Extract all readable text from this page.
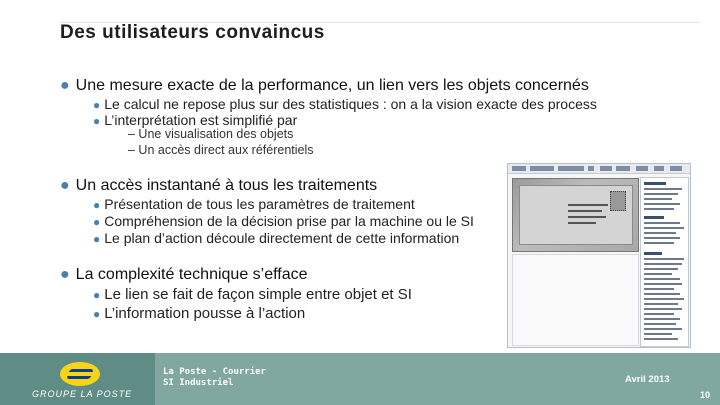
Des utilisateurs convaincus
● Une mesure exacte de la performance, un lien vers les objets concernés
● Le calcul ne repose plus sur des statistiques : on a la vision exacte des process
● L’interprétation est simplifié par
– Une visualisation des objets
– Un accès direct aux référentiels
● Un accès instantané à tous les traitements
● Présentation de tous les paramètres de traitement
● Compréhension de la décision prise par la machine ou le SI
● Le plan d’action découle directement de cette information
● La complexité technique s’efface
● Le lien se fait de façon simple entre objet et SI
● L’information pousse à l’action
GROUPE LA POSTE
La Poste - Courrier
SI Industriel	Avril 2013
10
